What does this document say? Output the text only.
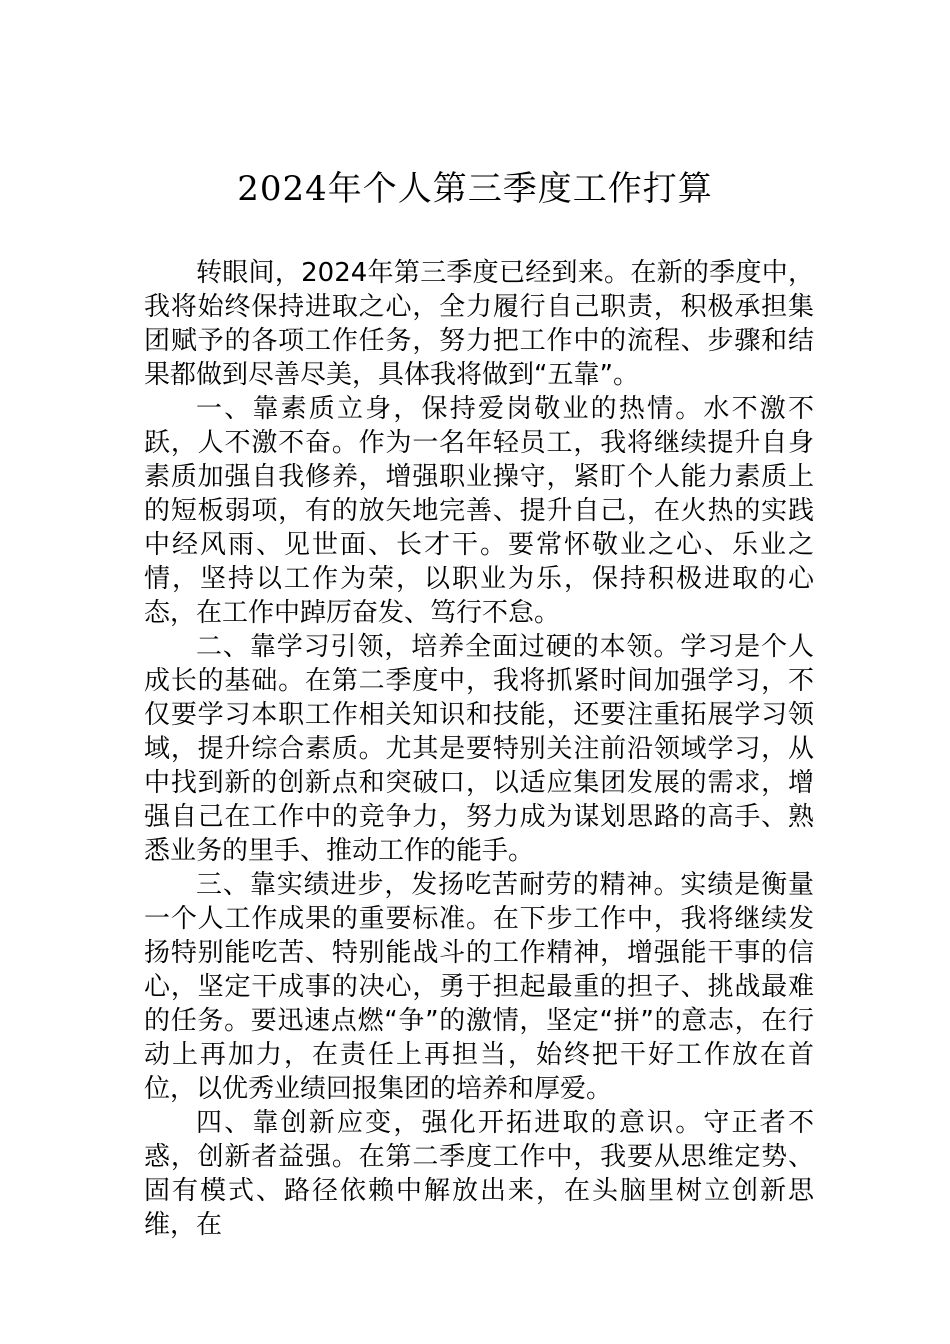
2024年个人第三季度工作打算

转眼间，2024年第三季度已经到来。在新的季度中，我将始终保持进取之心，全力履行自己职责，积极承担集团赋予的各项工作任务，努力把工作中的流程、步骤和结果都做到尽善尽美，具体我将做到“五靠”。

一、靠素质立身，保持爱岗敬业的热情。水不激不跃，人不激不奋。作为一名年轻员工，我将继续提升自身素质加强自我修养，增强职业操守，紧盯个人能力素质上的短板弱项，有的放矢地完善、提升自己，在火热的实践中经风雨、见世面、长才干。要常怀敬业之心、乐业之情，坚持以工作为荣，以职业为乐，保持积极进取的心态，在工作中踔厉奋发、笃行不怠。

二、靠学习引领，培养全面过硬的本领。学习是个人成长的基础。在第二季度中，我将抓紧时间加强学习，不仅要学习本职工作相关知识和技能，还要注重拓展学习领域，提升综合素质。尤其是要特别关注前沿领域学习，从中找到新的创新点和突破口，以适应集团发展的需求，增强自己在工作中的竞争力，努力成为谋划思路的高手、熟悉业务的里手、推动工作的能手。

三、靠实绩进步，发扬吃苦耐劳的精神。实绩是衡量一个人工作成果的重要标准。在下步工作中，我将继续发扬特别能吃苦、特别能战斗的工作精神，增强能干事的信心，坚定干成事的决心，勇于担起最重的担子、挑战最难的任务。要迅速点燃“争”的激情，坚定“拼”的意志，在行动上再加力，在责任上再担当，始终把干好工作放在首位，以优秀业绩回报集团的培养和厚爱。

四、靠创新应变，强化开拓进取的意识。守正者不惑，创新者益强。在第二季度工作中，我要从思维定势、固有模式、路径依赖中解放出来，在头脑里树立创新思维，在
